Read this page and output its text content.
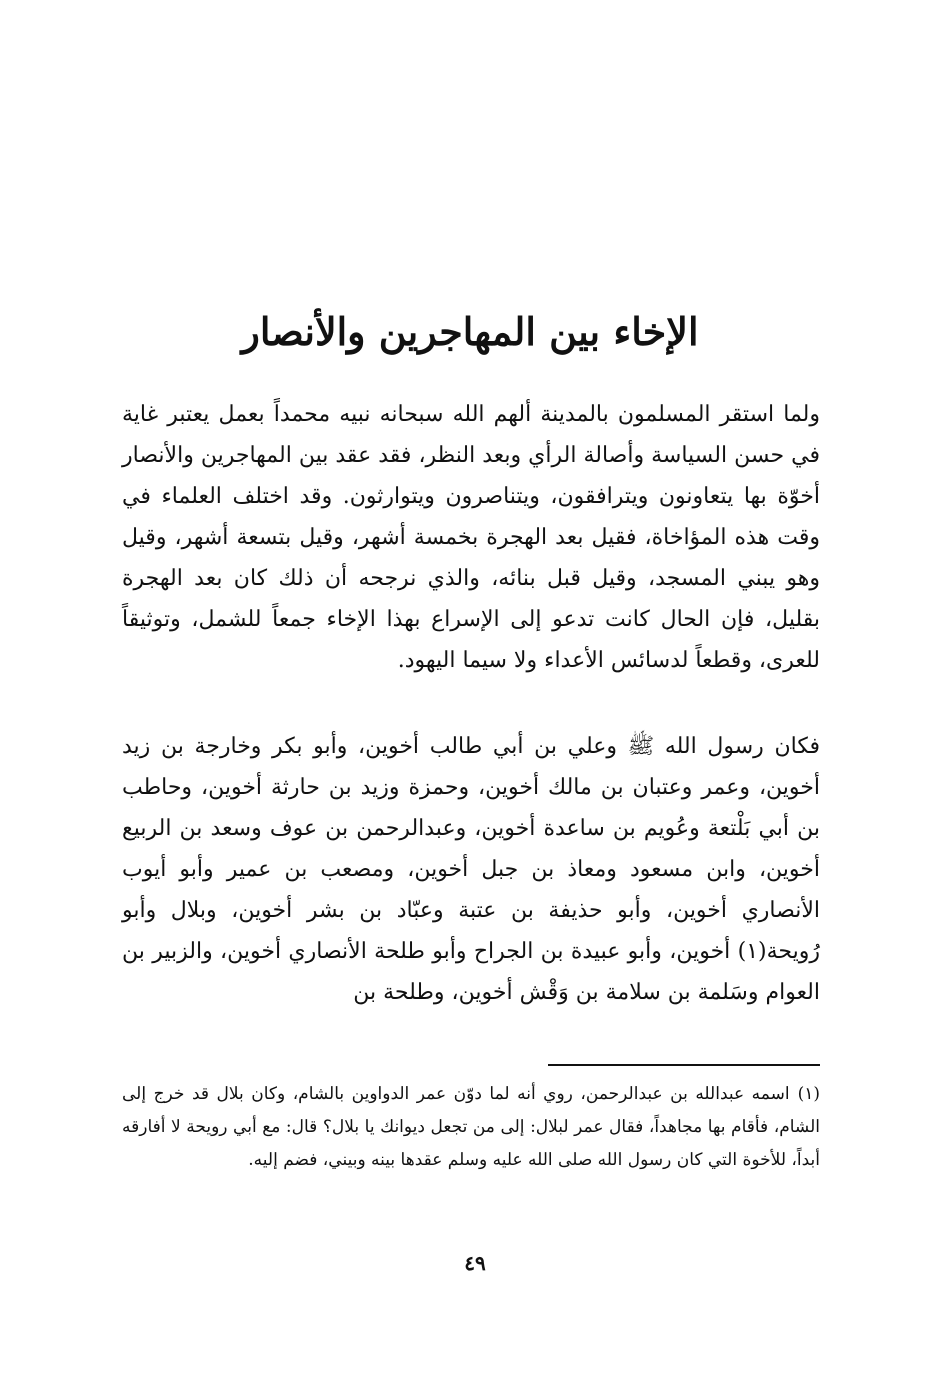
الإخاء بين المهاجرين والأنصار

ولما استقر المسلمون بالمدينة ألهم الله سبحانه نبيه محمداً بعمل يعتبر غاية في حسن السياسة وأصالة الرأي وبعد النظر، فقد عقد بين المهاجرين والأنصار أخوّة بها يتعاونون ويترافقون، ويتناصرون ويتوارثون. وقد اختلف العلماء في وقت هذه المؤاخاة، فقيل بعد الهجرة بخمسة أشهر، وقيل بتسعة أشهر، وقيل وهو يبني المسجد، وقيل قبل بنائه، والذي نرجحه أن ذلك كان بعد الهجرة بقليل، فإن الحال كانت تدعو إلى الإسراع بهذا الإخاء جمعاً للشمل، وتوثيقاً للعرى، وقطعاً لدسائس الأعداء ولا سيما اليهود.

فكان رسول الله ﷺ وعلي بن أبي طالب أخوين، وأبو بكر وخارجة بن زيد أخوين، وعمر وعتبان بن مالك أخوين، وحمزة وزيد بن حارثة أخوين، وحاطب بن أبي بَلْتعة وعُويم بن ساعدة أخوين، وعبدالرحمن بن عوف وسعد بن الربيع أخوين، وابن مسعود ومعاذ بن جبل أخوين، ومصعب بن عمير وأبو أيوب الأنصاري أخوين، وأبو حذيفة بن عتبة وعبّاد بن بشر أخوين، وبلال وأبو رُويحة(١) أخوين، وأبو عبيدة بن الجراح وأبو طلحة الأنصاري أخوين، والزبير بن العوام وسَلمة بن سلامة بن وَقْش أخوين، وطلحة بن

(١)اسمه عبدالله بن عبدالرحمن، روي أنه لما دوّن عمر الدواوين بالشام، وكان بلال قد خرج إلى الشام، فأقام بها مجاهداً، فقال عمر لبلال: إلى من تجعل ديوانك يا بلال؟ قال: مع أبي رويحة لا أفارقه أبداً، للأخوة التي كان رسول الله صلى الله عليه وسلم عقدها بينه وبيني، فضم إليه.

٤٩
